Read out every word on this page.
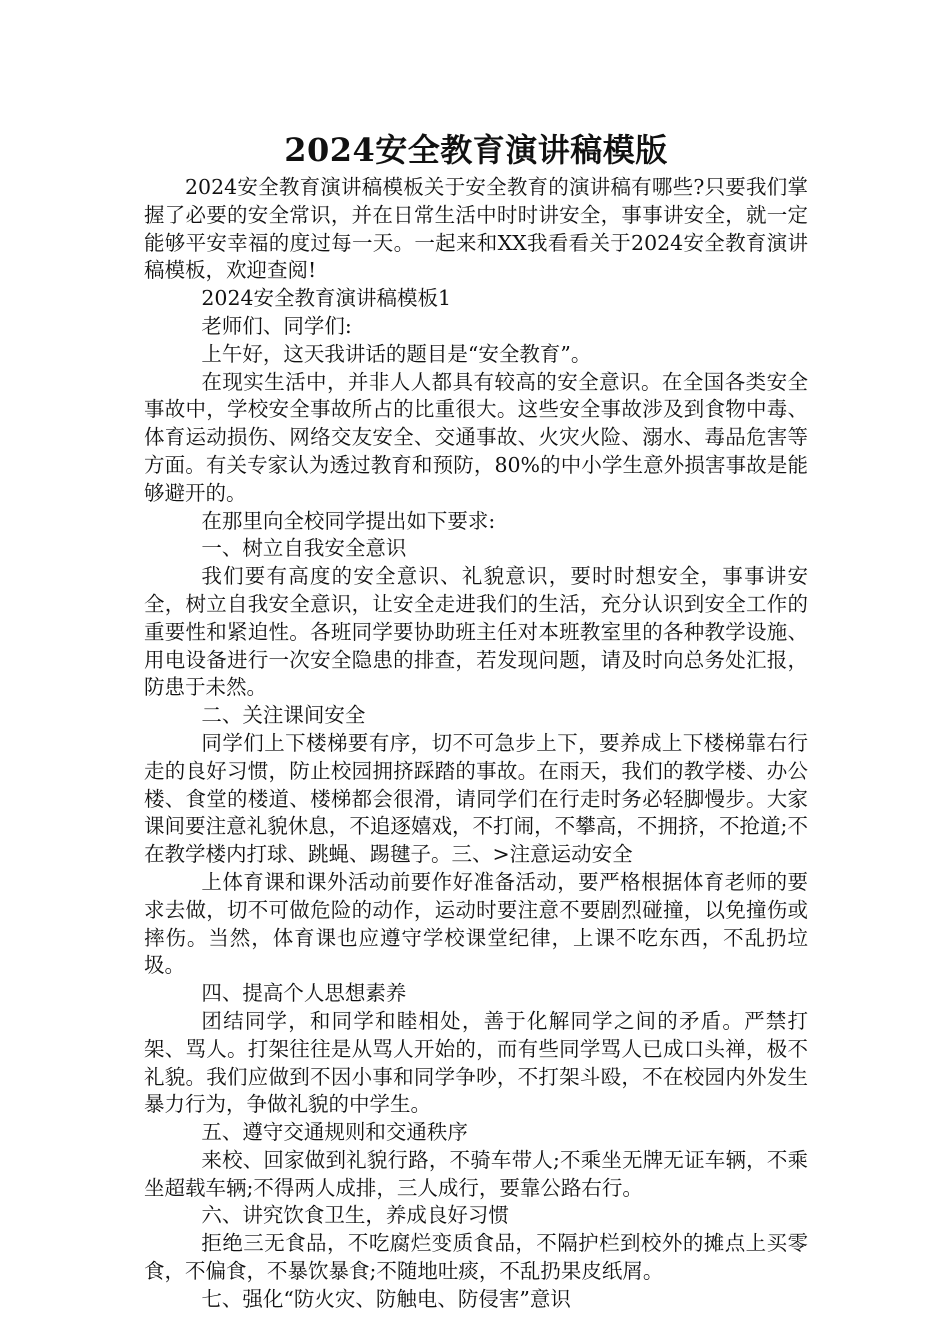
2024安全教育演讲稿模版

2024安全教育演讲稿模板关于安全教育的演讲稿有哪些?只要我们掌握了必要的安全常识，并在日常生活中时时讲安全，事事讲安全，就一定能够平安幸福的度过每一天。一起来和XX我看看关于2024安全教育演讲稿模板，欢迎查阅!

2024安全教育演讲稿模板1

老师们、同学们:

上午好，这天我讲话的题目是“安全教育”。

在现实生活中，并非人人都具有较高的安全意识。在全国各类安全事故中，学校安全事故所占的比重很大。这些安全事故涉及到食物中毒、体育运动损伤、网络交友安全、交通事故、火灾火险、溺水、毒品危害等方面。有关专家认为透过教育和预防，80%的中小学生意外损害事故是能够避开的。

在那里向全校同学提出如下要求:

一、树立自我安全意识

我们要有高度的安全意识、礼貌意识，要时时想安全，事事讲安全，树立自我安全意识，让安全走进我们的生活，充分认识到安全工作的重要性和紧迫性。各班同学要协助班主任对本班教室里的各种教学设施、用电设备进行一次安全隐患的排查，若发现问题，请及时向总务处汇报，防患于未然。

二、关注课间安全

同学们上下楼梯要有序，切不可急步上下，要养成上下楼梯靠右行走的良好习惯，防止校园拥挤踩踏的事故。在雨天，我们的教学楼、办公楼、食堂的楼道、楼梯都会很滑，请同学们在行走时务必轻脚慢步。大家课间要注意礼貌休息，不追逐嬉戏，不打闹，不攀高，不拥挤，不抢道;不在教学楼内打球、跳蝇、踢毽子。三、>注意运动安全

上体育课和课外活动前要作好准备活动，要严格根据体育老师的要求去做，切不可做危险的动作，运动时要注意不要剧烈碰撞，以免撞伤或摔伤。当然，体育课也应遵守学校课堂纪律，上课不吃东西，不乱扔垃圾。

四、提高个人思想素养

团结同学，和同学和睦相处，善于化解同学之间的矛盾。严禁打架、骂人。打架往往是从骂人开始的，而有些同学骂人已成口头禅，极不礼貌。我们应做到不因小事和同学争吵，不打架斗殴，不在校园内外发生暴力行为，争做礼貌的中学生。

五、遵守交通规则和交通秩序

来校、回家做到礼貌行路，不骑车带人;不乘坐无牌无证车辆，不乘坐超载车辆;不得两人成排，三人成行，要靠公路右行。

六、讲究饮食卫生，养成良好习惯

拒绝三无食品，不吃腐烂变质食品，不隔护栏到校外的摊点上买零食，不偏食，不暴饮暴食;不随地吐痰，不乱扔果皮纸屑。

七、强化“防火灾、防触电、防侵害”意识
